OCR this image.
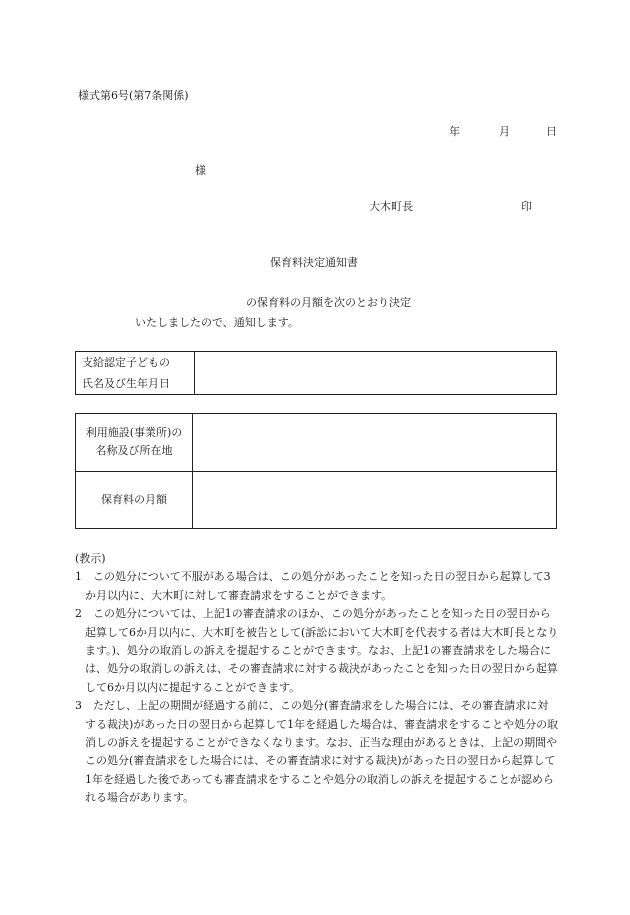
様式第6号(第7条関係)
年	月	日
様
大木町長	印
保育料決定通知書
の保育料の月額を次のとおり決定
いたしましたので、通知します。
支給認定子どもの
氏名及び生年月日

利用施設(事業所)の
名称及び所在地	

保育料の月額	

(教示)

1 この処分について不服がある場合は、この処分があったことを知った日の翌日から起算して3か月以内に、大木町に対して審査請求をすることができます。

2 この処分については、上記1の審査請求のほか、この処分があったことを知った日の翌日から起算して6か月以内に、大木町を被告として(訴訟において大木町を代表する者は大木町長となります。)、処分の取消しの訴えを提起することができます。なお、上記1の審査請求をした場合には、処分の取消しの訴えは、その審査請求に対する裁決があったことを知った日の翌日から起算して6か月以内に提起することができます。

3 ただし、上記の期間が経過する前に、この処分(審査請求をした場合には、その審査請求に対する裁決)があった日の翌日から起算して1年を経過した場合は、審査請求をすることや処分の取消しの訴えを提起することができなくなります。なお、正当な理由があるときは、上記の期間やこの処分(審査請求をした場合には、その審査請求に対する裁決)があった日の翌日から起算して1年を経過した後であっても審査請求をすることや処分の取消しの訴えを提起することが認められる場合があります。
